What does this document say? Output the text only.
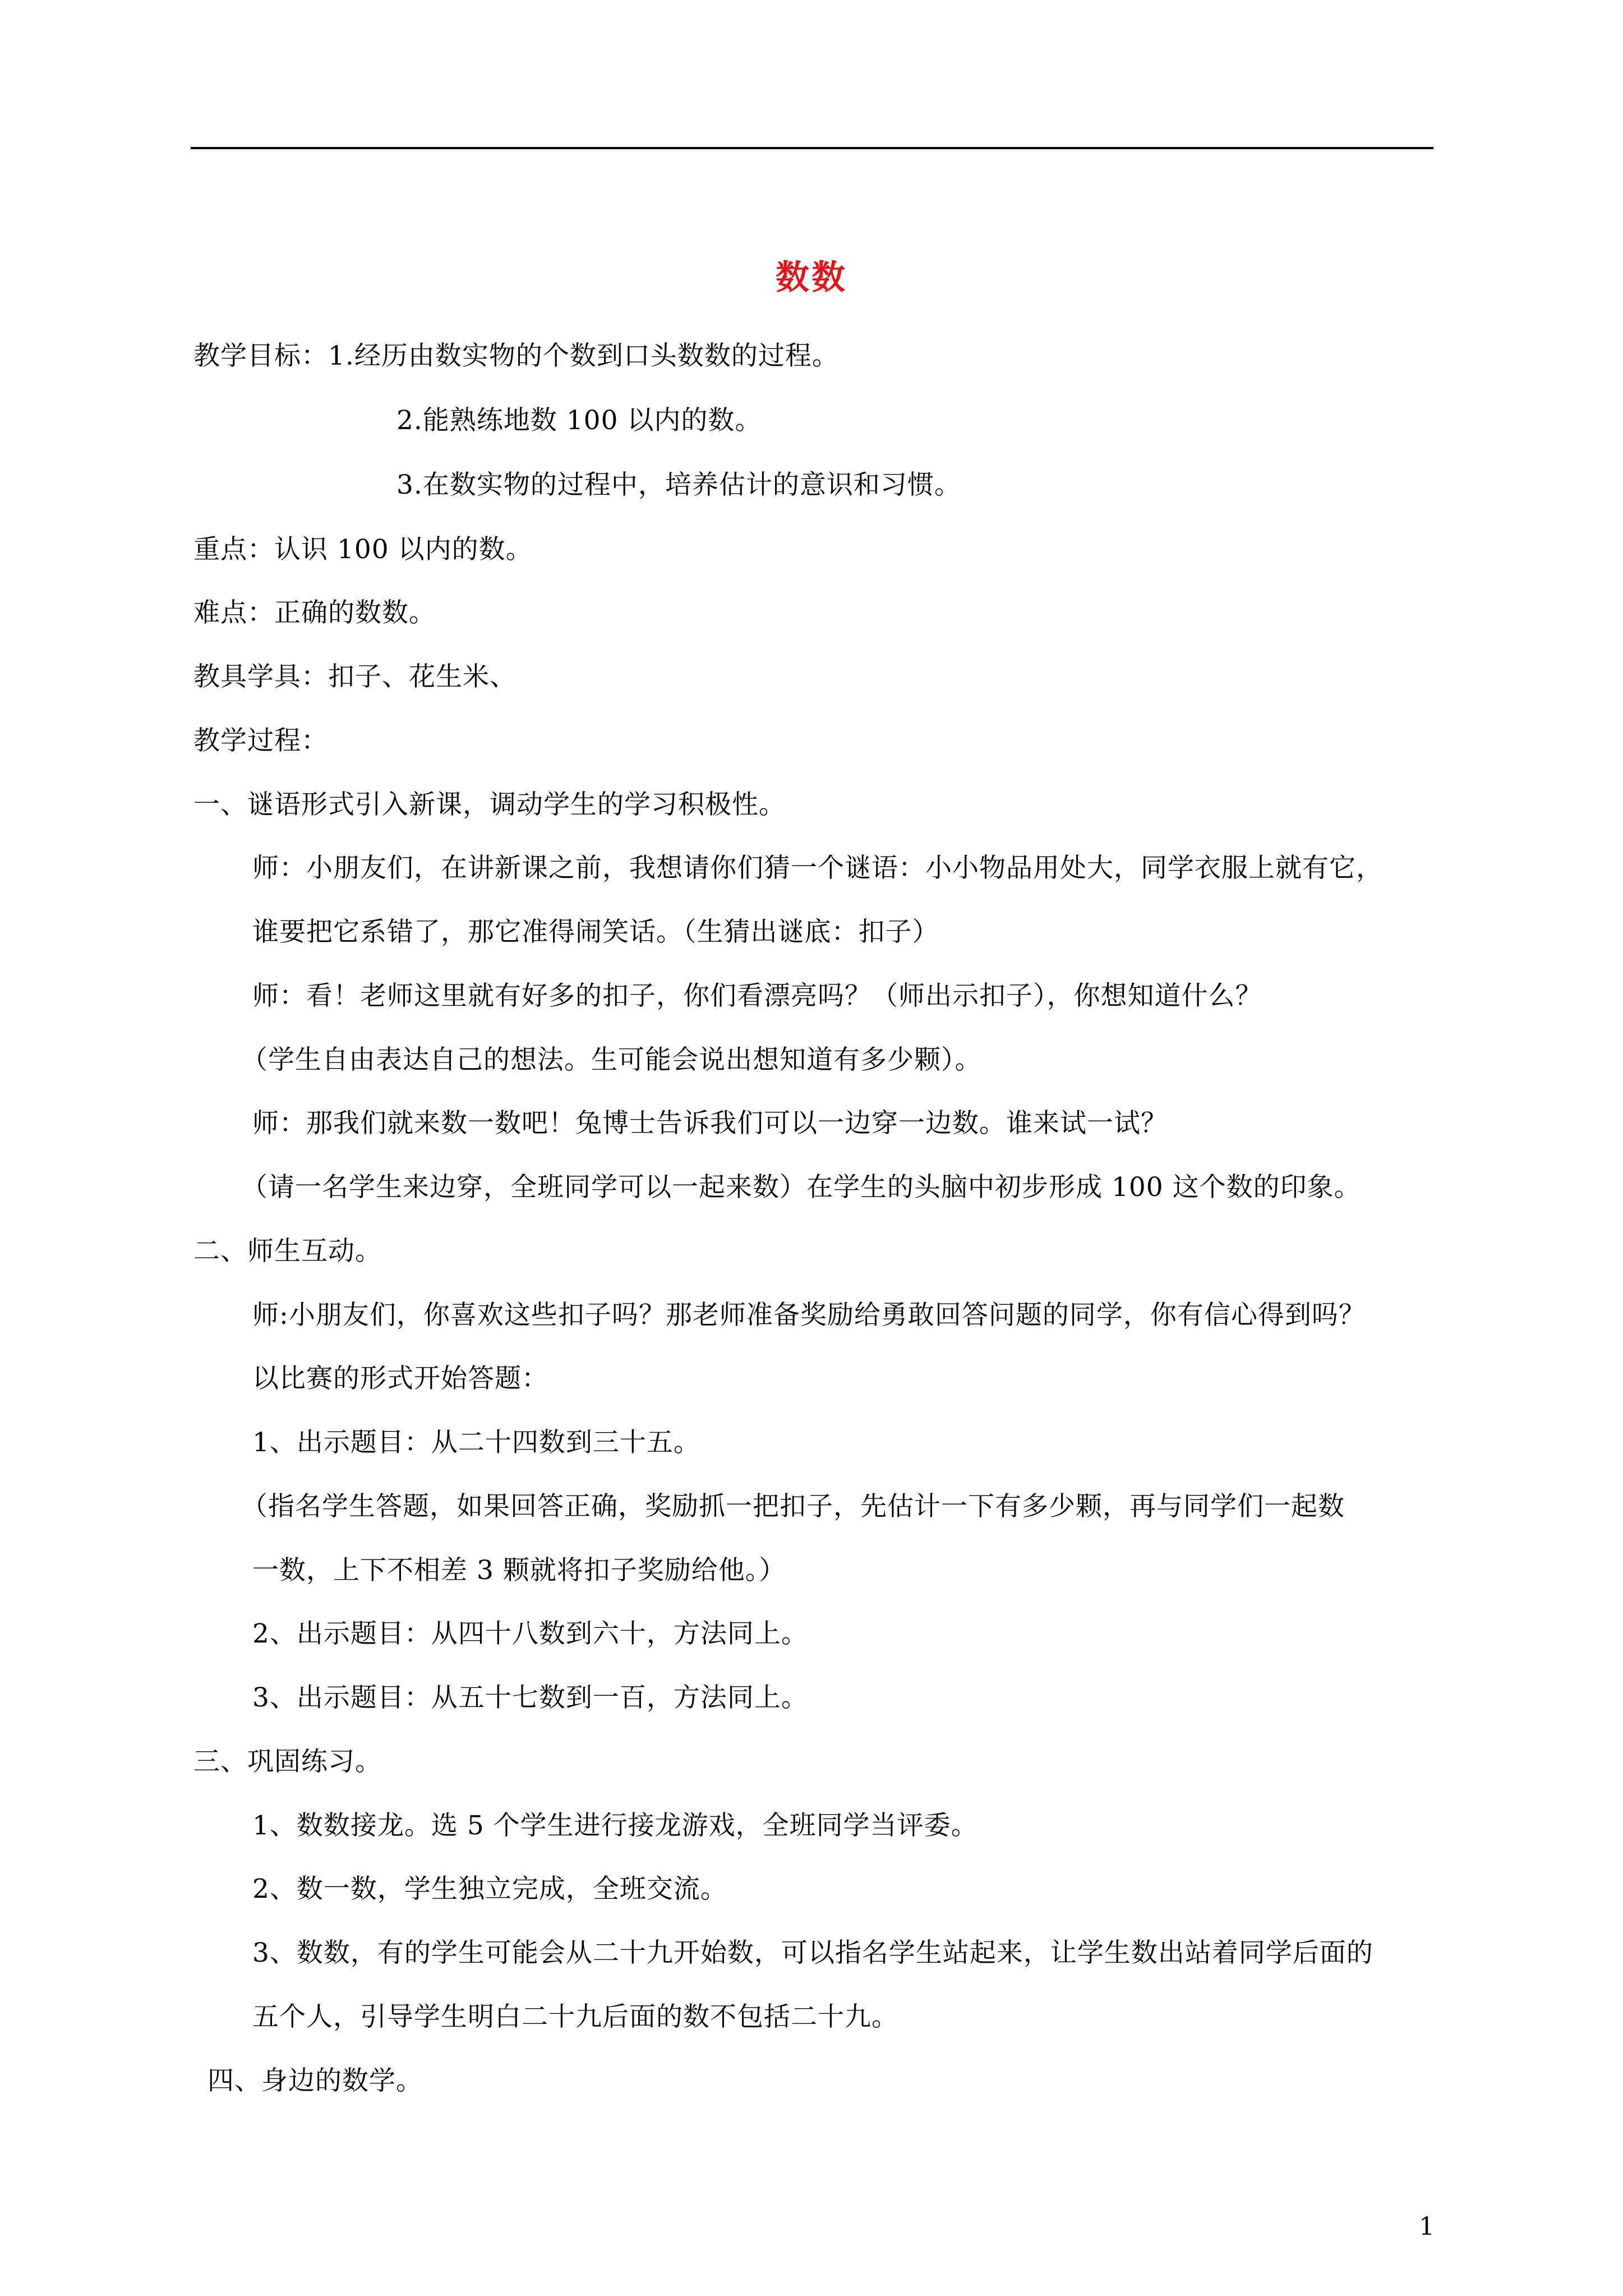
数数
教学目标：1.经历由数实物的个数到口头数数的过程。
2.能熟练地数 100 以内的数。
3.在数实物的过程中，培养估计的意识和习惯。
重点：认识 100 以内的数。
难点：正确的数数。
教具学具：扣子、花生米、
教学过程：
一、谜语形式引入新课，调动学生的学习积极性。
师：小朋友们，在讲新课之前，我想请你们猜一个谜语：小小物品用处大，同学衣服上就有它，
谁要把它系错了，那它准得闹笑话。（生猜出谜底：扣子）
师：看！老师这里就有好多的扣子，你们看漂亮吗？（师出示扣子），你想知道什么？
（学生自由表达自己的想法。生可能会说出想知道有多少颗）。
师：那我们就来数一数吧！兔博士告诉我们可以一边穿一边数。谁来试一试？
（请一名学生来边穿，全班同学可以一起来数）在学生的头脑中初步形成 100 这个数的印象。
二、师生互动。
师:小朋友们，你喜欢这些扣子吗？那老师准备奖励给勇敢回答问题的同学，你有信心得到吗？
以比赛的形式开始答题：
1、出示题目：从二十四数到三十五。
（指名学生答题，如果回答正确，奖励抓一把扣子，先估计一下有多少颗，再与同学们一起数
一数，上下不相差 3 颗就将扣子奖励给他。）
2、出示题目：从四十八数到六十，方法同上。
3、出示题目：从五十七数到一百，方法同上。
三、巩固练习。
1、数数接龙。选 5 个学生进行接龙游戏，全班同学当评委。
2、数一数，学生独立完成，全班交流。
3、数数，有的学生可能会从二十九开始数，可以指名学生站起来，让学生数出站着同学后面的
五个人，引导学生明白二十九后面的数不包括二十九。
四、身边的数学。
1
